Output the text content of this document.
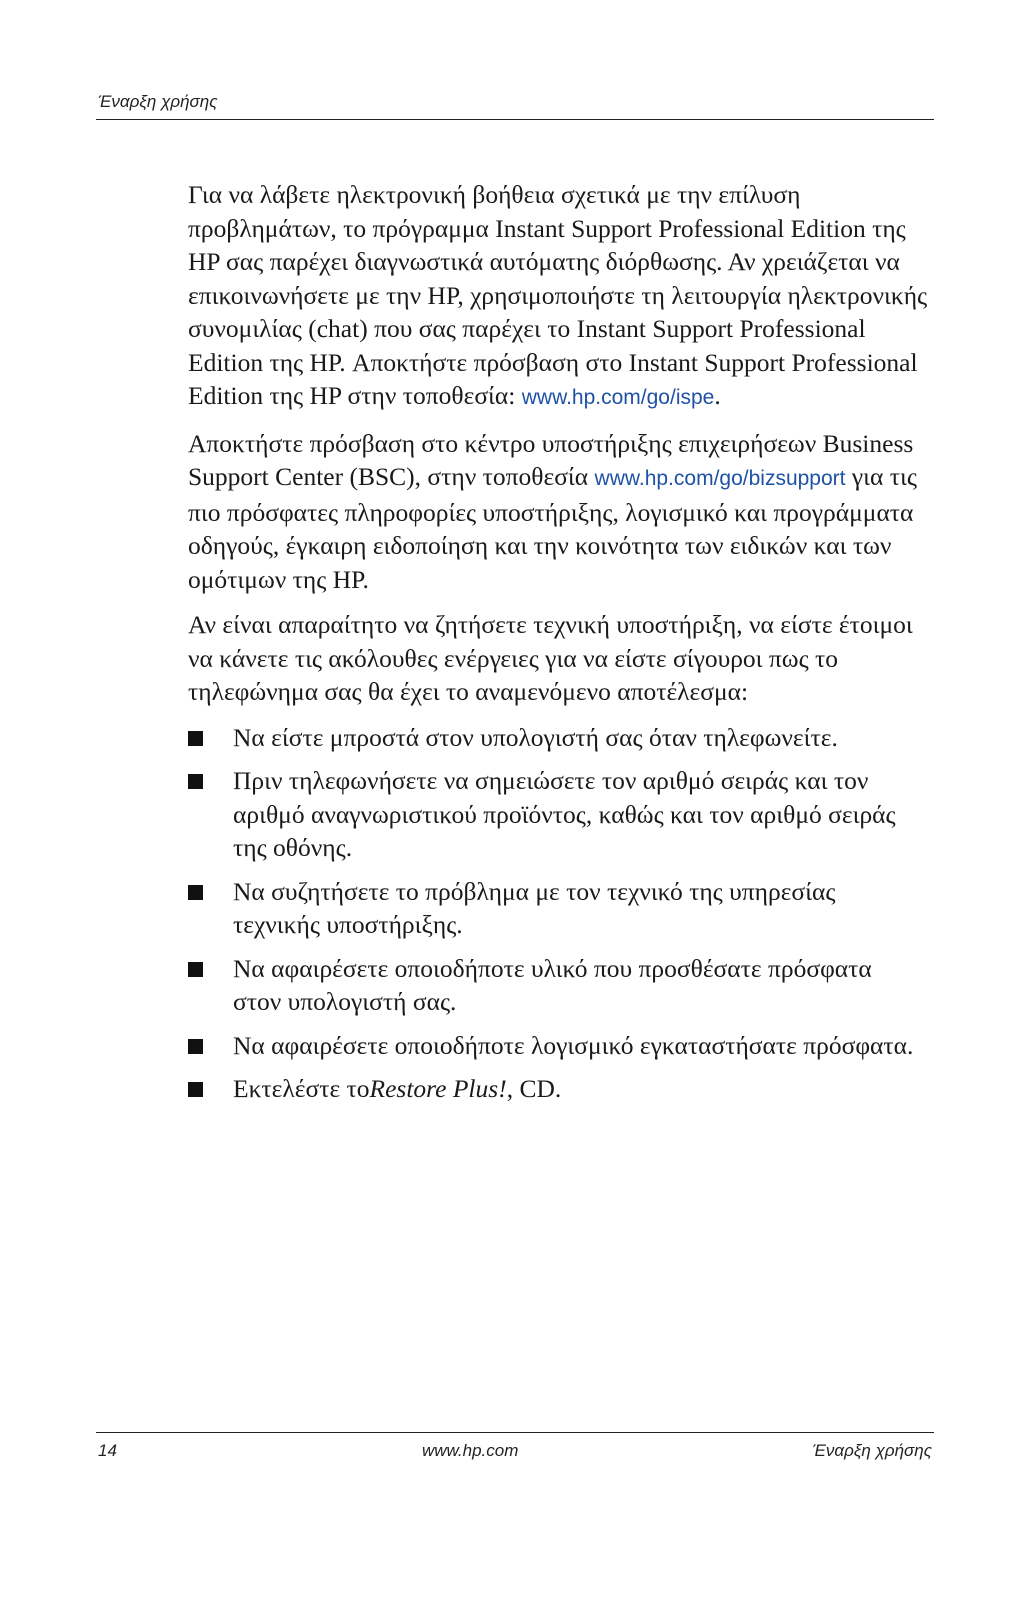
Έναρξη χρήσης

Για να λάβετε ηλεκτρονική βοήθεια σχετικά με την επίλυση προβλημάτων, το πρόγραμμα Instant Support Professional Edition της HP σας παρέχει διαγνωστικά αυτόματης διόρθωσης. Αν χρειάζεται να επικοινωνήσετε με την HP, χρησιμοποιήστε τη λειτουργία ηλεκτρονικής συνομιλίας (chat) που σας παρέχει το Instant Support Professional Edition της HP. Αποκτήστε πρόσβαση στο Instant Support Professional Edition της HP στην τοποθεσία: www.hp.com/go/ispe.

Αποκτήστε πρόσβαση στο κέντρο υποστήριξης επιχειρήσεων Business Support Center (BSC), στην τοποθεσία www.hp.com/go/bizsupport για τις πιο πρόσφατες πληροφορίες υποστήριξης, λογισμικό και προγράμματα οδηγούς, έγκαιρη ειδοποίηση και την κοινότητα των ειδικών και των ομότιμων της HP.

Αν είναι απαραίτητο να ζητήσετε τεχνική υποστήριξη, να είστε έτοιμοι να κάνετε τις ακόλουθες ενέργειες για να είστε σίγουροι πως το τηλεφώνημα σας θα έχει το αναμενόμενο αποτέλεσμα:

Να είστε μπροστά στον υπολογιστή σας όταν τηλεφωνείτε.
Πριν τηλεφωνήσετε να σημειώσετε τον αριθμό σειράς και τον αριθμό αναγνωριστικού προϊόντος, καθώς και τον αριθμό σειράς της οθόνης.
Να συζητήσετε το πρόβλημα με τον τεχνικό της υπηρεσίας τεχνικής υποστήριξης.
Να αφαιρέσετε οποιοδήποτε υλικό που προσθέσατε πρόσφατα στον υπολογιστή σας.
Να αφαιρέσετε οποιοδήποτε λογισμικό εγκαταστήσατε πρόσφατα.
Εκτελέστε τοRestore Plus!, CD.
14	www.hp.com	Έναρξη χρήσης
